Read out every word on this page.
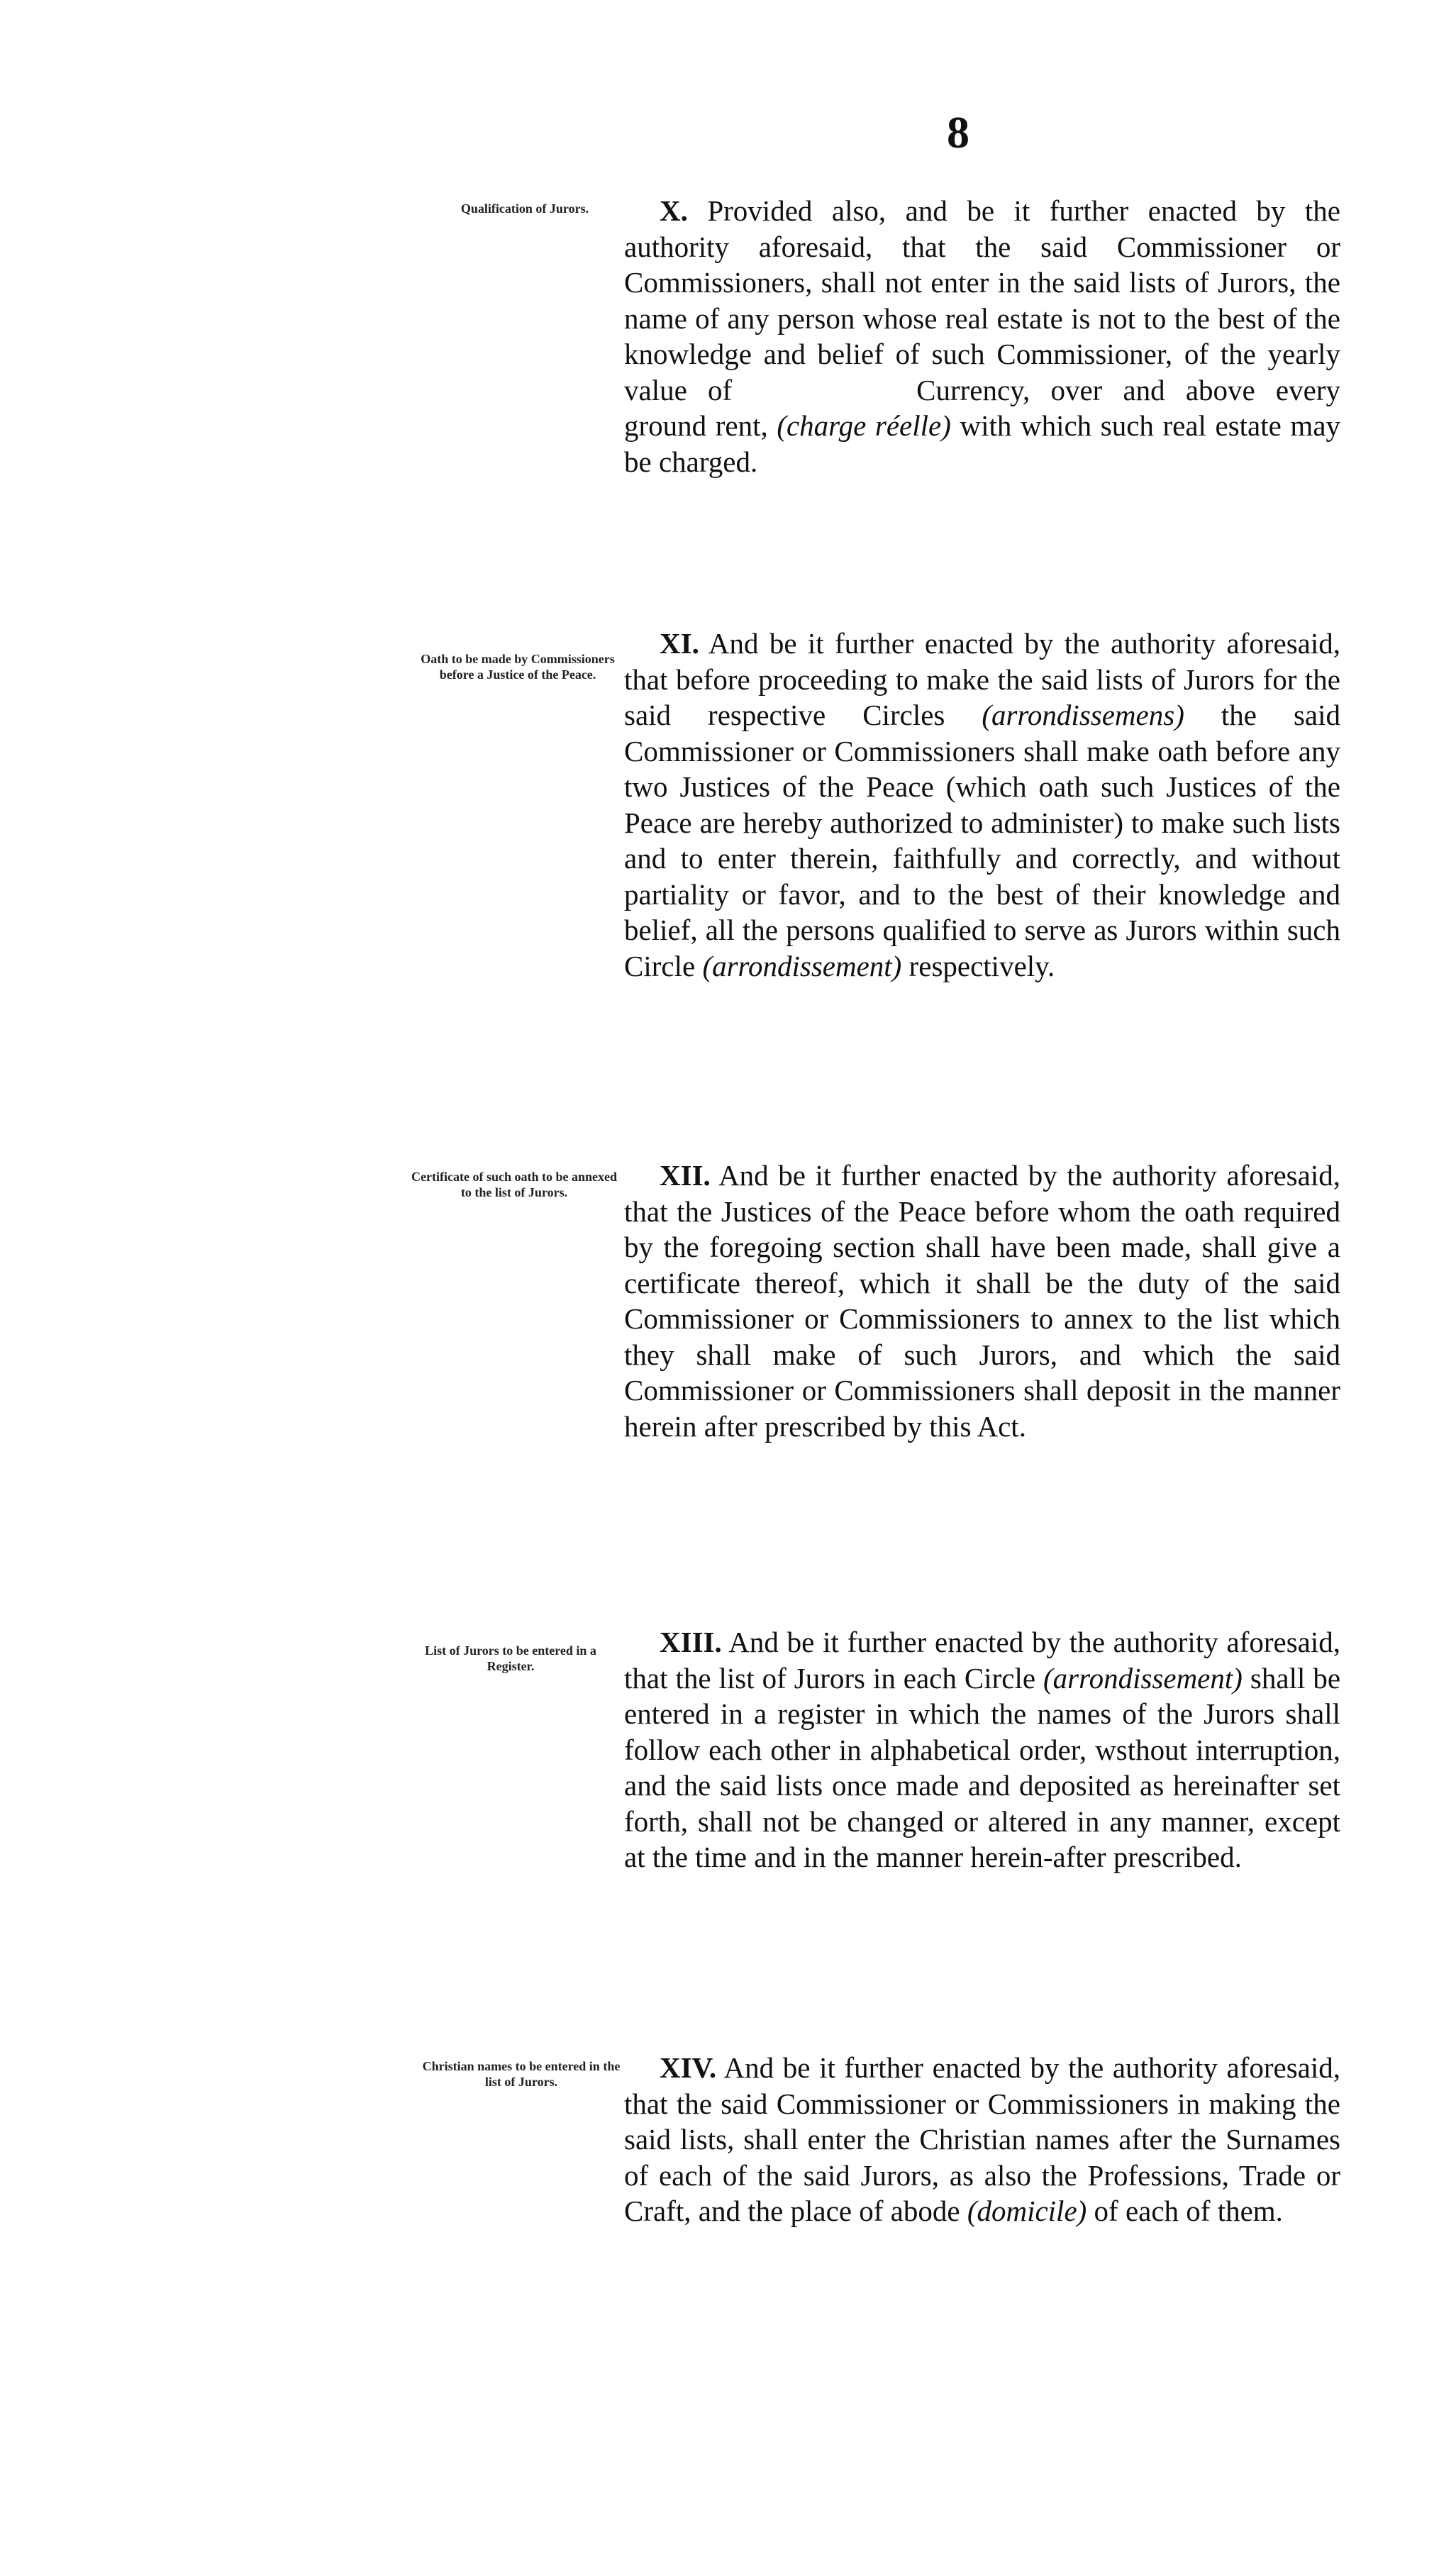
8
Qualification of Jurors.	X. Provided also, and be it further enacted by the authority aforesaid, that the said Commissioner or Commissioners, shall not enter in the said lists of Jurors, the name of any person whose real estate is not to the best of the knowledge and belief of such Commissioner, of the yearly value of	Currency, over and above every ground rent, (charge réelle) with which such real estate may be charged.

Oath to be made by Commissioners before a Justice of the Peace.

XI. And be it further enacted by the authority aforesaid, that before proceeding to make the said lists of Jurors for the said respective Circles (arrondissemens) the said Commissioner or Commissioners shall make oath before any two Justices of the Peace (which oath such Justices of the Peace are hereby authorized to administer) to make such lists and to enter therein, faithfully and correctly, and without partiality or favor, and to the best of their knowledge and belief, all the persons qualified to serve as Jurors within such Circle (arrondissement) respectively.

Certificate of such oath to be annexed to the list of Jurors.

XII. And be it further enacted by the authority aforesaid, that the Justices of the Peace before whom the oath required by the foregoing section shall have been made, shall give a certificate thereof, which it shall be the duty of the said Commissioner or Commissioners to annex to the list which they shall make of such Jurors, and which the said Commissioner or Commissioners shall deposit in the manner herein after prescribed by this Act.

List of Jurors to be entered in a Register.

XIII. And be it further enacted by the authority aforesaid, that the list of Jurors in each Circle (arrondissement) shall be entered in a register in which the names of the Jurors shall follow each other in alphabetical order, wsthout interruption, and the said lists once made and deposited as hereinafter set forth, shall not be changed or altered in any manner, except at the time and in the manner herein-after prescribed.

Christian names to be entered in the list of Jurors.	XIV. And be it further enacted by the authority aforesaid, that the said Commissioner or Commissioners in making the said lists, shall enter the Christian names after the Surnames of each of the said Jurors, as also the Professions, Trade or Craft, and the place of abode (domicile) of each of them.
